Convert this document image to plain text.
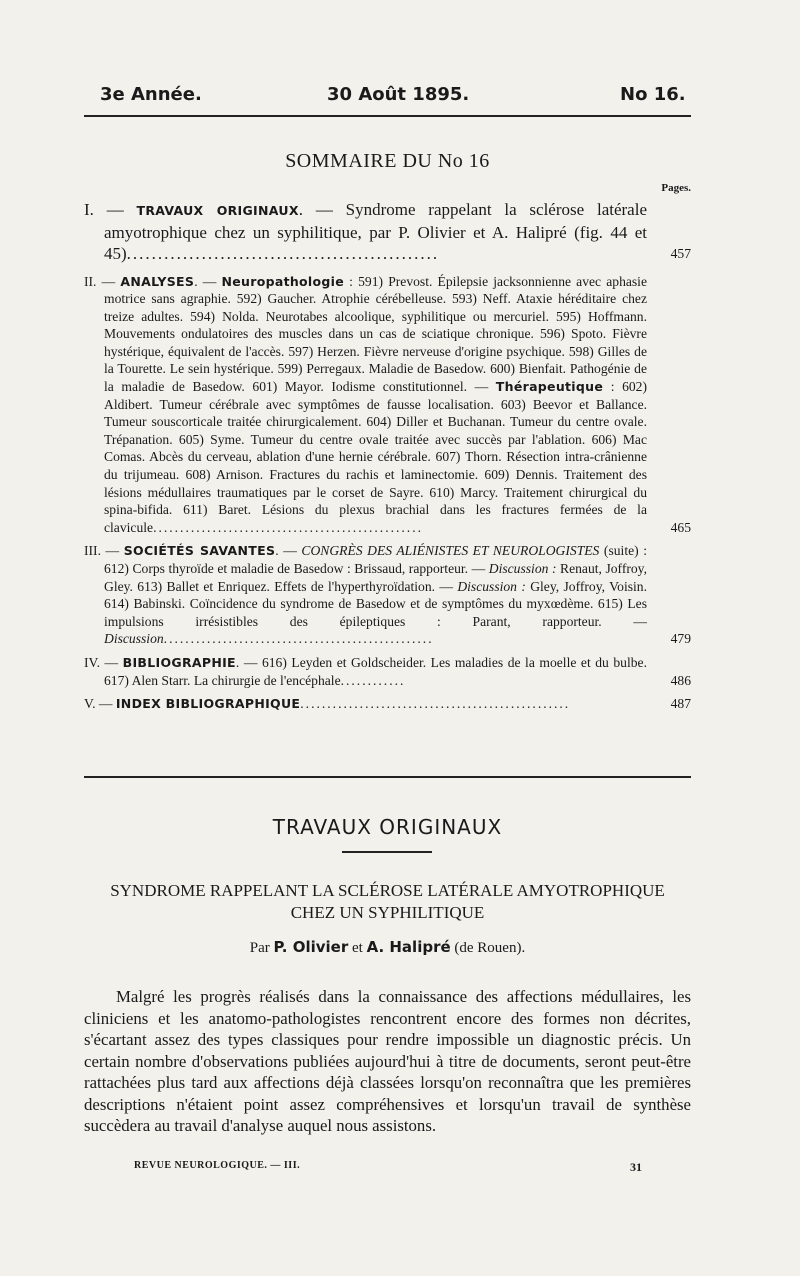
3e Année.	30 Août 1895.	No 16.
SOMMAIRE DU No 16
Pages.
I. — TRAVAUX ORIGINAUX. — Syndrome rappelant la sclérose latérale amyotrophique chez un syphilitique, par P. Olivier et A. Halipré (fig. 44 et 45)..................................................	457
II. — ANALYSES. — Neuropathologie : 591) Prevost. Épilepsie jacksonnienne avec aphasie motrice sans agraphie. 592) Gaucher. Atrophie cérébelleuse. 593) Neff. Ataxie héréditaire chez treize adultes. 594) Nolda. Neurotabes alcoolique, syphilitique ou mercuriel. 595) Hoffmann. Mouvements ondulatoires des muscles dans un cas de sciatique chronique. 596) Spoto. Fièvre hystérique, équivalent de l'accès. 597) Herzen. Fièvre nerveuse d'origine psychique. 598) Gilles de la Tourette. Le sein hystérique. 599) Perregaux. Maladie de Basedow. 600) Bienfait. Pathogénie de la maladie de Basedow. 601) Mayor. Iodisme constitutionnel. — Thérapeutique : 602) Aldibert. Tumeur cérébrale avec symptômes de fausse localisation. 603) Beevor et Ballance. Tumeur souscorticale traitée chirurgicalement. 604) Diller et Buchanan. Tumeur du centre ovale. Trépanation. 605) Syme. Tumeur du centre ovale traitée avec succès par l'ablation. 606) Mac Comas. Abcès du cerveau, ablation d'une hernie cérébrale. 607) Thorn. Résection intra-crânienne du trijumeau. 608) Arnison. Fractures du rachis et laminectomie. 609) Dennis. Traitement des lésions médullaires traumatiques par le corset de Sayre. 610) Marcy. Traitement chirurgical du spina-bifida. 611) Baret. Lésions du plexus brachial dans les fractures fermées de la clavicule..................................................	465
III. — SOCIÉTÉS SAVANTES. — CONGRÈS DES ALIÉNISTES ET NEUROLOGISTES (suite) : 612) Corps thyroïde et maladie de Basedow : Brissaud, rapporteur. — Discussion : Renaut, Joffroy, Gley. 613) Ballet et Enriquez. Effets de l'hyperthyroïdation. — Discussion : Gley, Joffroy, Voisin. 614) Babinski. Coïncidence du syndrome de Basedow et de symptômes du myxœdème. 615) Les impulsions irrésistibles des épileptiques : Parant, rapporteur. — Discussion..................................................	479
IV. — BIBLIOGRAPHIE. — 616) Leyden et Goldscheider. Les maladies de la moelle et du bulbe. 617) Alen Starr. La chirurgie de l'encéphale............	486
V. — INDEX BIBLIOGRAPHIQUE..................................................	487
TRAVAUX ORIGINAUX
SYNDROME RAPPELANT LA SCLÉROSE LATÉRALE AMYOTROPHIQUE
CHEZ UN SYPHILITIQUE
Par P. Olivier et A. Halipré (de Rouen).
Malgré les progrès réalisés dans la connaissance des affections médullaires, les cliniciens et les anatomo-pathologistes rencontrent encore des formes non décrites, s'écartant assez des types classiques pour rendre impossible un diagnostic précis. Un certain nombre d'observations publiées aujourd'hui à titre de documents, seront peut-être rattachées plus tard aux affections déjà classées lorsqu'on reconnaîtra que les premières descriptions n'étaient point assez compréhensives et lorsqu'un travail de synthèse succèdera au travail d'analyse auquel nous assistons.
REVUE NEUROLOGIQUE. — III.	31
